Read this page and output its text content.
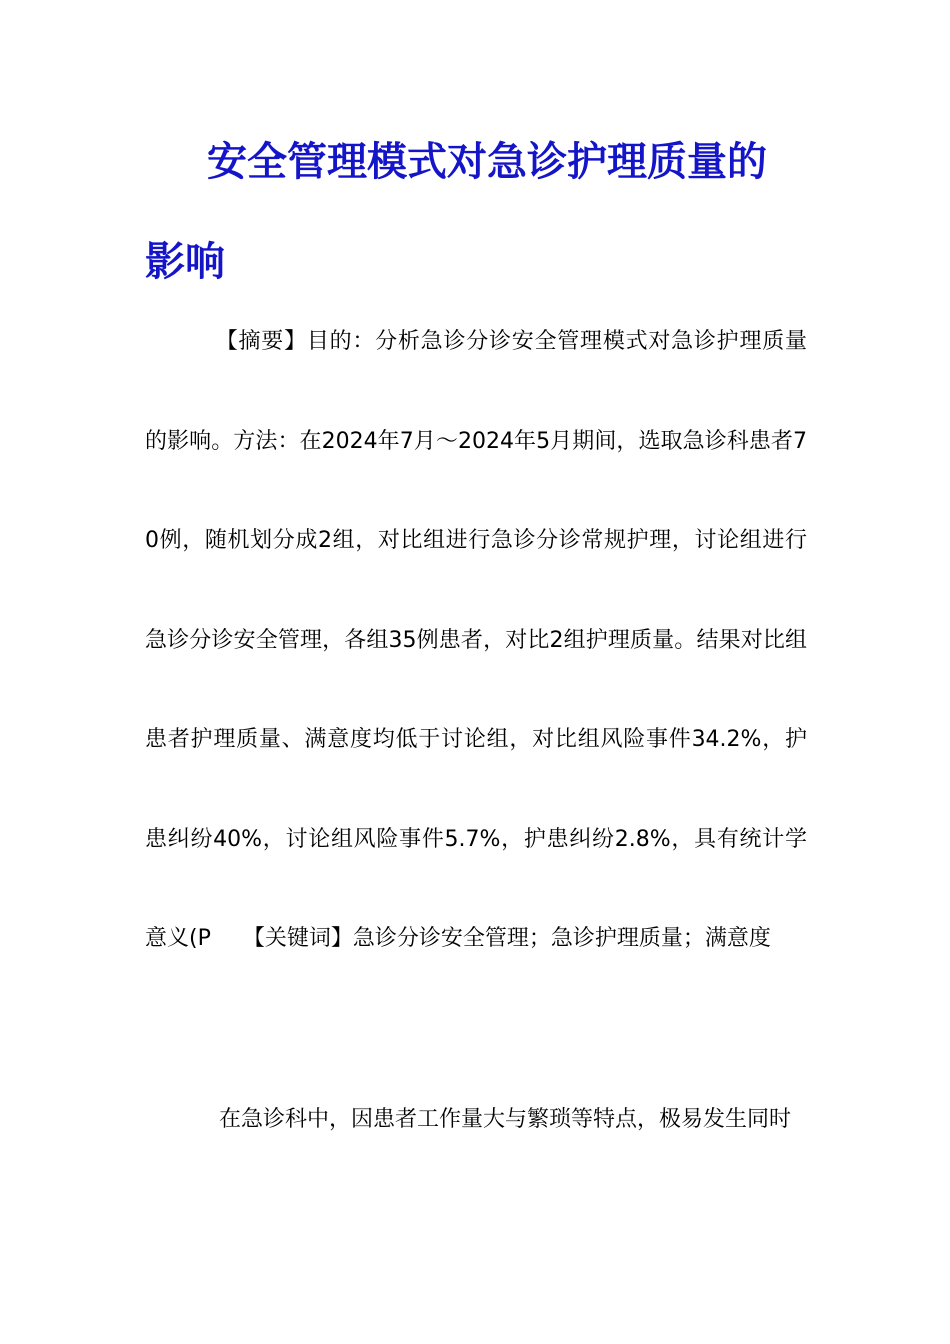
安全管理模式对急诊护理质量的影响

【摘要】目的：分析急诊分诊安全管理模式对急诊护理质量的影响。方法：在2024年7月～2024年5月期间，选取急诊科患者70例，随机划分成2组，对比组进行急诊分诊常规护理，讨论组进行急诊分诊安全管理，各组35例患者，对比2组护理质量。结果对比组患者护理质量、满意度均低于讨论组，对比组风险事件34.2%，护患纠纷40%，讨论组风险事件5.7%，护患纠纷2.8%，具有统计学意义(P 【关键词】急诊分诊安全管理；急诊护理质量；满意度

在急诊科中，因患者工作量大与繁琐等特点，极易发生同时
